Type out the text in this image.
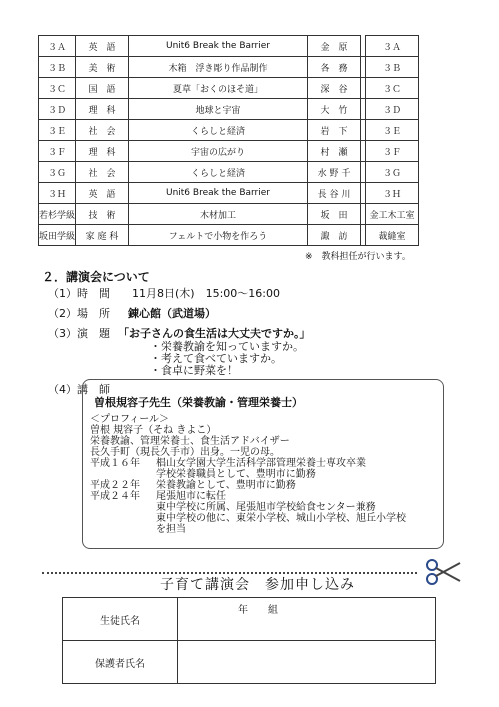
３Ａ	英　語	Unit6 Break the Barrier	金　原		３Ａ
３Ｂ	美　術	木箱　浮き彫り作品制作	各　務		３Ｂ
３Ｃ	国　語	夏草「おくのほそ道」	深　谷		３Ｃ
３Ｄ	理　科	地球と宇宙	大　竹		３Ｄ
３Ｅ	社　会	くらしと経済	岩　下		３Ｅ
３Ｆ	理　科	宇宙の広がり	村　瀬		３Ｆ
３Ｇ	社　会	くらしと経済	水 野 千		３Ｇ
３Ｈ	英　語	Unit6 Break the Barrier	長 谷 川		３Ｈ
若杉学級	技　術	木材加工	坂　田		金工木工室
坂田学級	家 庭 科	フェルトで小物を作ろう	諏　訪		裁縫室
※　教科担任が行います。
２．講演会について
（1）時　間 11月8日(木)　15:00～16:00
（2）場　所 錬心館（武道場）
（3）演　題 「お子さんの食生活は大丈夫ですか。」
・栄養教諭を知っていますか。
・考えて食べていますか。
・食卓に野菜を！
（4）講　師
曽根規容子先生（栄養教諭・管理栄養士）
＜プロフィール＞
曽根 規容子（そね きよこ）
栄養教諭、管理栄養士、食生活アドバイザー
長久手町（現長久手市）出身。一児の母。
平成１６年 椙山女学園大学生活科学部管理栄養士専攻卒業
学校栄養職員として、豊明市に勤務
平成２２年 栄養教諭として、豊明市に勤務
平成２４年 尾張旭市に転任
東中学校に所属、尾張旭市学校給食センター兼務
東中学校の他に、東栄小学校、城山小学校、旭丘小学校
を担当
子育て講演会　参加申し込み
生徒氏名	年　　組

保護者氏名	
